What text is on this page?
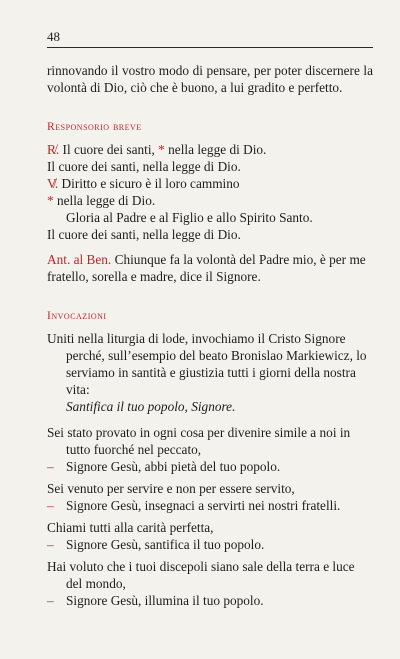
48
rinnovando il vostro modo di pensare, per poter discernere la volontà di Dio, ciò che è buono, a lui gradito e perfetto.
Responsorio breve
R̸. Il cuore dei santi, * nella legge di Dio.
Il cuore dei santi, nella legge di Dio.
V̸. Diritto e sicuro è il loro cammino
* nella legge di Dio.
Gloria al Padre e al Figlio e allo Spirito Santo.
Il cuore dei santi, nella legge di Dio.
Ant. al Ben. Chiunque fa la volontà del Padre mio, è per me fratello, sorella e madre, dice il Signore.
Invocazioni
Uniti nella liturgia di lode, invochiamo il Cristo Signore perché, sull’esempio del beato Bronislao Markiewicz, lo serviamo in santità e giustizia tutti i giorni della nostra vita:
Santifica il tuo popolo, Signore.
Sei stato provato in ogni cosa per divenire simile a noi in tutto fuorché nel peccato,
– Signore Gesù, abbi pietà del tuo popolo.
Sei venuto per servire e non per essere servito,
– Signore Gesù, insegnaci a servirti nei nostri fratelli.
Chiami tutti alla carità perfetta,
– Signore Gesù, santifica il tuo popolo.
Hai voluto che i tuoi discepoli siano sale della terra e luce del mondo,
– Signore Gesù, illumina il tuo popolo.
